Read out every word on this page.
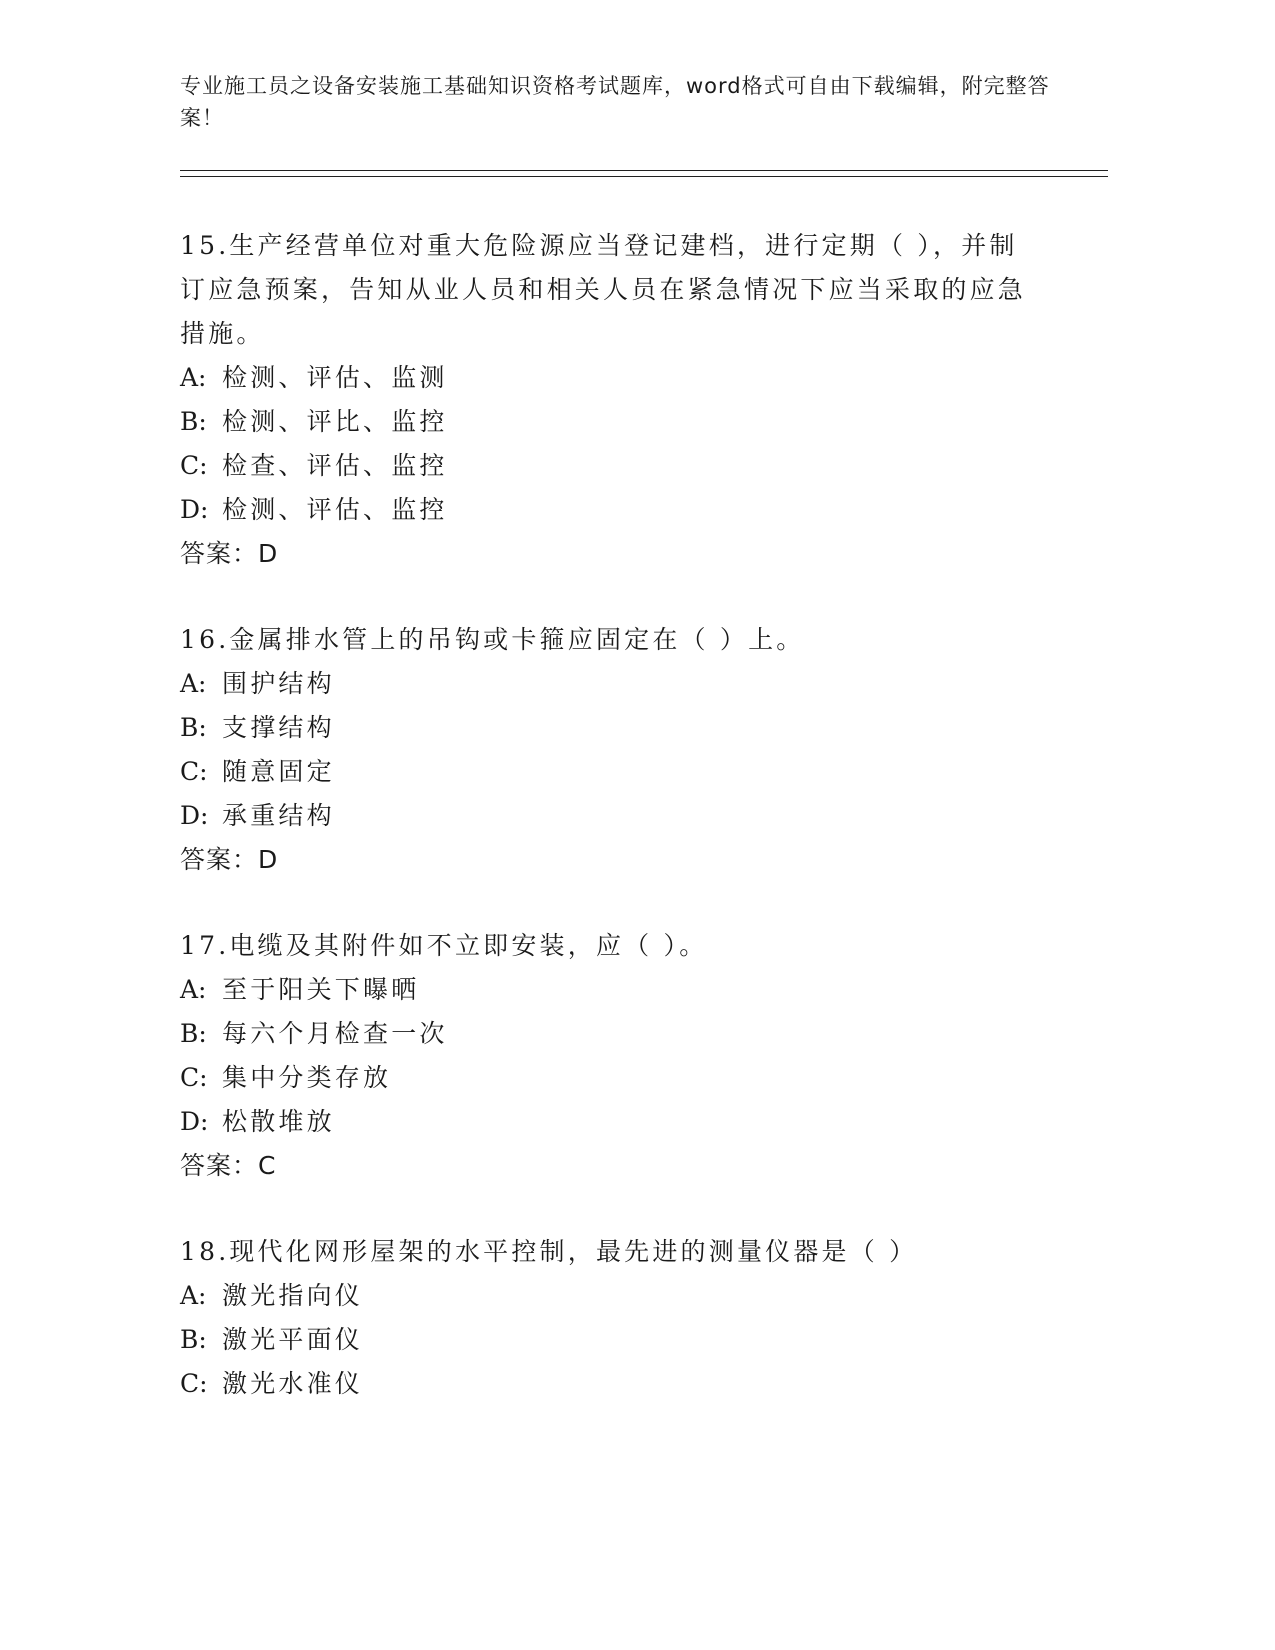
专业施工员之设备安装施工基础知识资格考试题库，word格式可自由下载编辑，附完整答案！

15.生产经营单位对重大危险源应当登记建档，进行定期（ ），并制订应急预案，告知从业人员和相关人员在紧急情况下应当采取的应急措施。

A: 检测、评估、监测

B: 检测、评比、监控

C: 检查、评估、监控

D: 检测、评估、监控

答案：D

16.金属排水管上的吊钩或卡箍应固定在（ ）上。

A: 围护结构

B: 支撑结构

C: 随意固定

D: 承重结构

答案：D

17.电缆及其附件如不立即安装，应（ ）。

A: 至于阳关下曝晒

B: 每六个月检查一次

C: 集中分类存放

D: 松散堆放

答案：C

18.现代化网形屋架的水平控制，最先进的测量仪器是（ ）

A: 激光指向仪

B: 激光平面仪

C: 激光水准仪
